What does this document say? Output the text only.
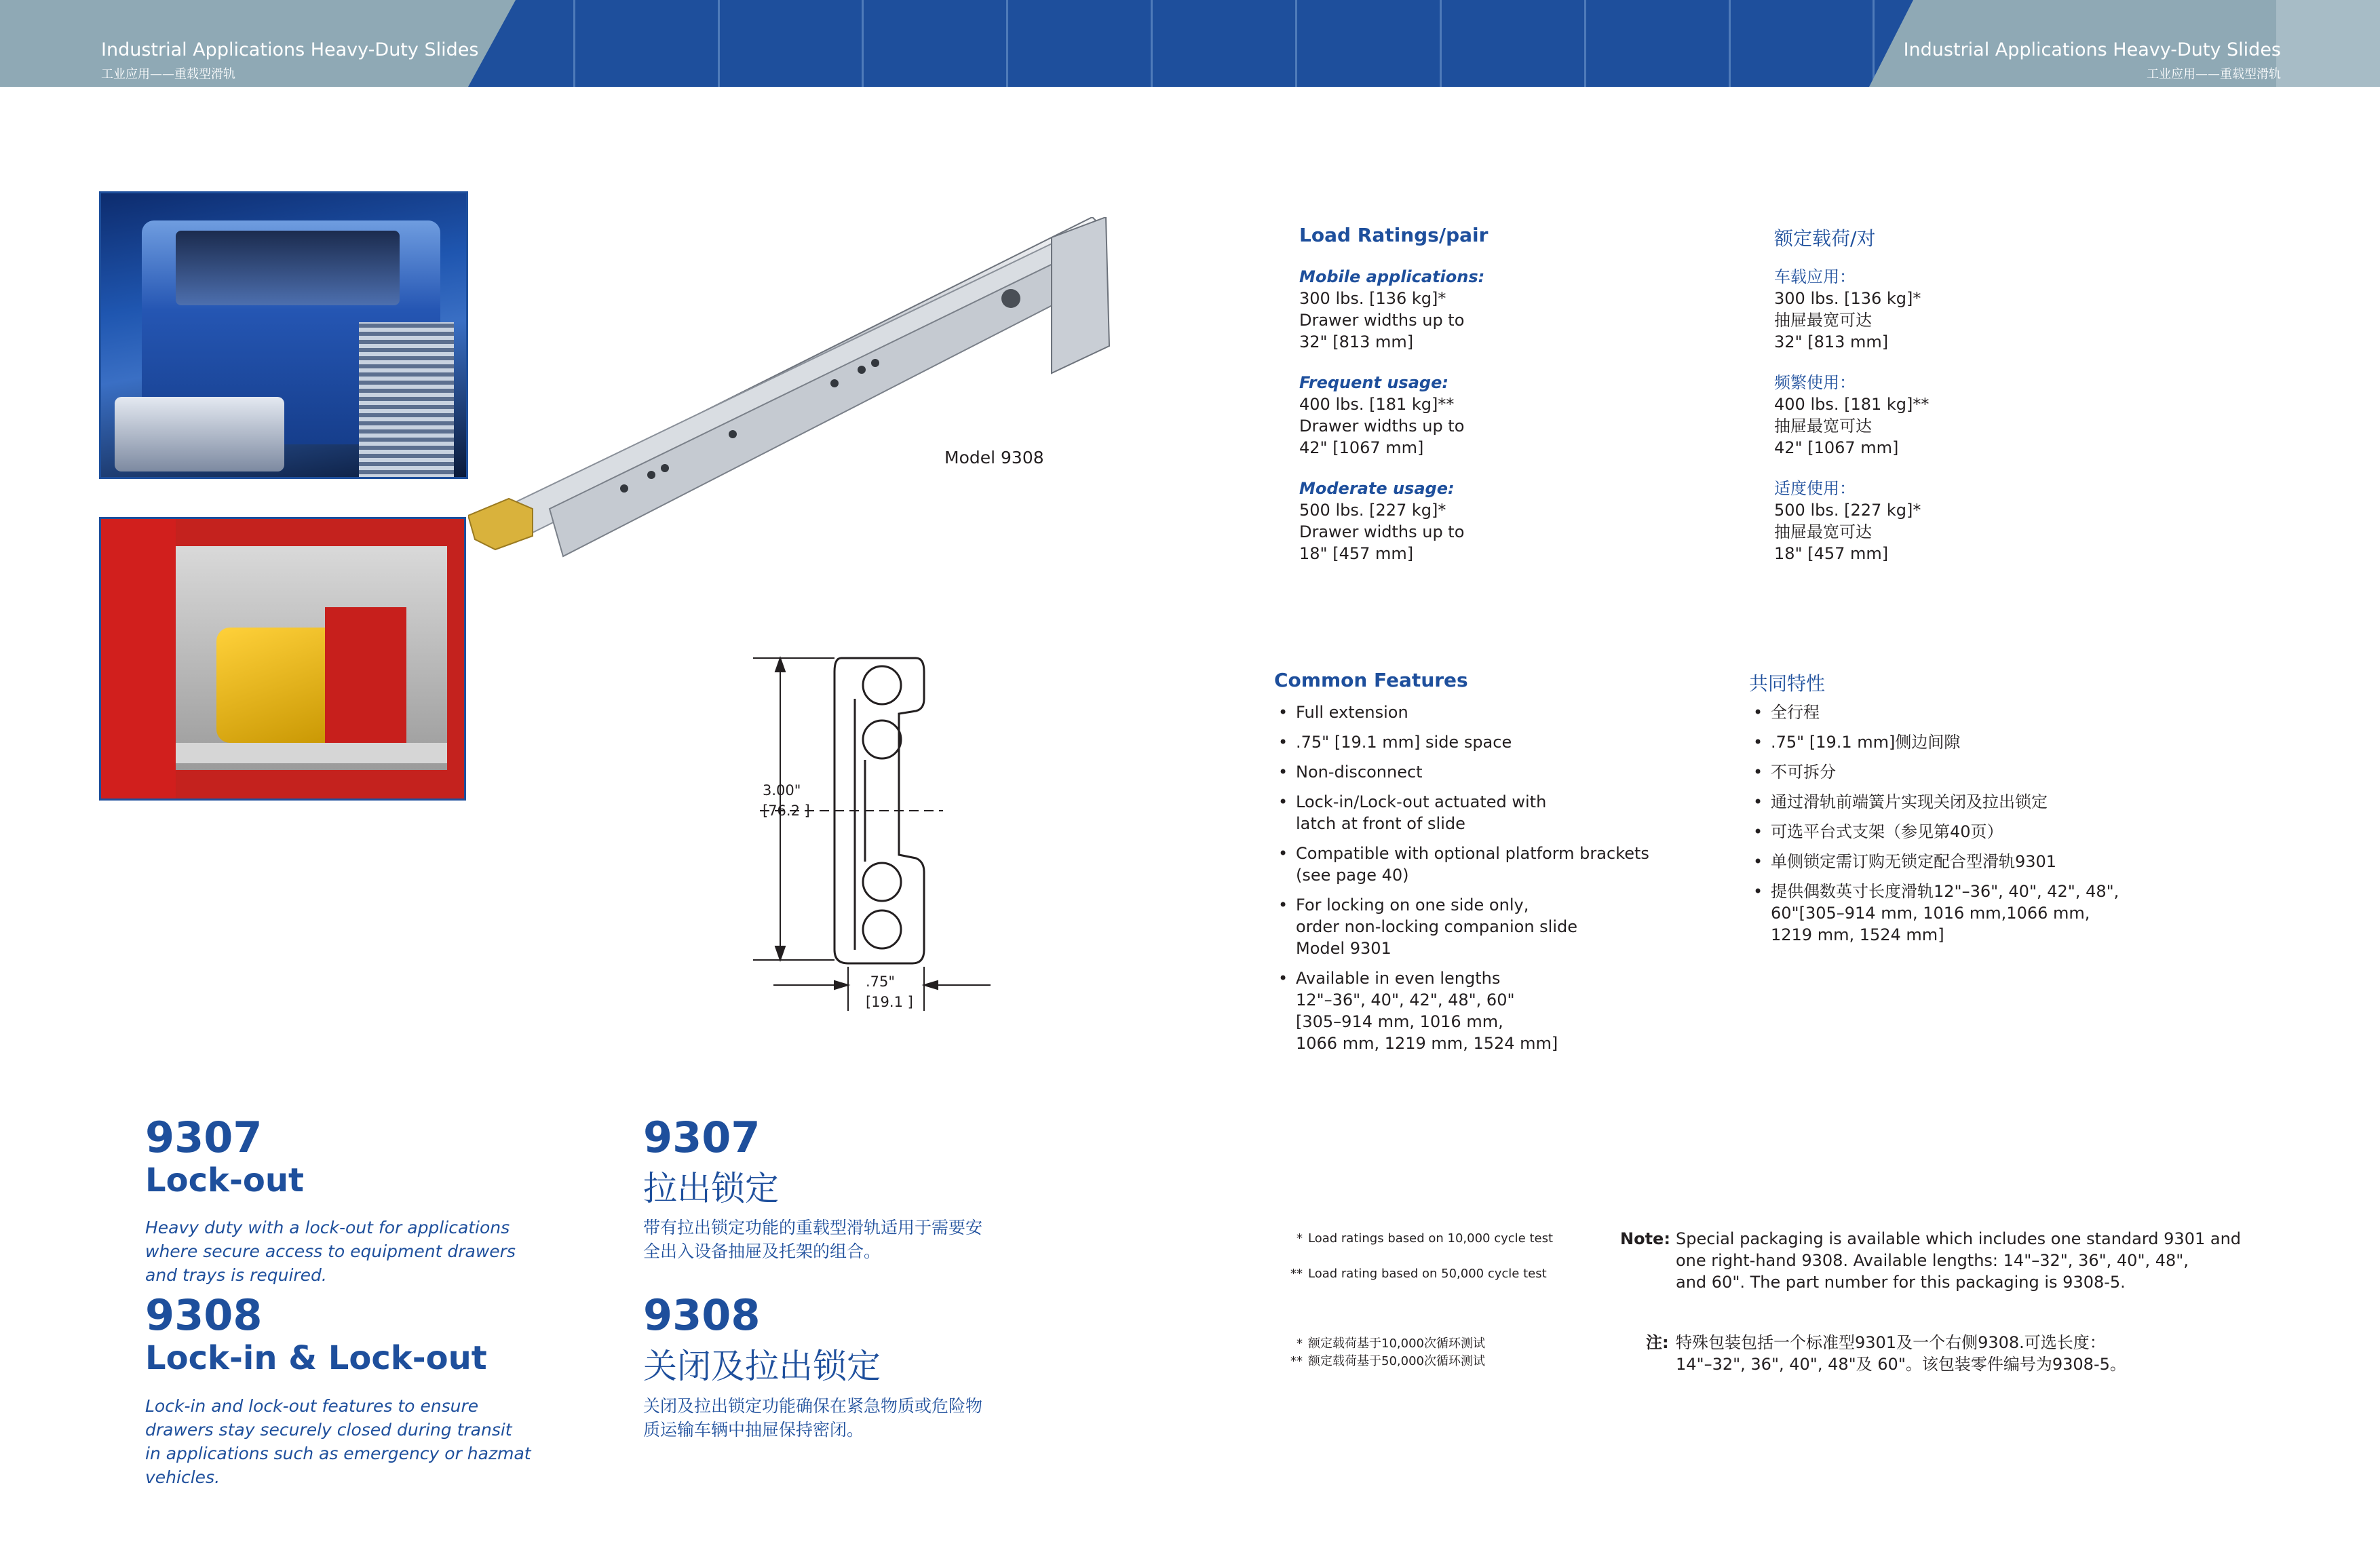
Industrial Applications Heavy-Duty Slides
工业应用——重载型滑轨
Industrial Applications Heavy-Duty Slides
工业应用——重载型滑轨
Model 9308
3.00"
[76.2 ]
.75"
[19.1 ]
Load Ratings/pair
Mobile applications:
300 lbs. [136 kg]*
Drawer widths up to
32" [813 mm]
Frequent usage:
400 lbs. [181 kg]**
Drawer widths up to
42" [1067 mm]
Moderate usage:
500 lbs. [227 kg]*
Drawer widths up to
18" [457 mm]
额定载荷/对
车载应用：
300 lbs. [136 kg]*
抽屉最宽可达
32" [813 mm]
频繁使用：
400 lbs. [181 kg]**
抽屉最宽可达
42" [1067 mm]
适度使用：
500 lbs. [227 kg]*
抽屉最宽可达
18" [457 mm]
Common Features
• Full extension
• .75" [19.1 mm] side space
• Non-disconnect
• Lock-in/Lock-out actuated with
latch at front of slide
• Compatible with optional platform brackets
(see page 40)
• For locking on one side only,
order non-locking companion slide
Model 9301
• Available in even lengths
12"–36", 40", 42", 48", 60"
[305–914 mm, 1016 mm,
1066 mm, 1219 mm, 1524 mm]
共同特性
• 全行程
• .75" [19.1 mm]侧边间隙
• 不可拆分
• 通过滑轨前端簧片实现关闭及拉出锁定
• 可选平台式支架（参见第40页）
• 单侧锁定需订购无锁定配合型滑轨9301
• 提供偶数英寸长度滑轨12"–36", 40", 42", 48",
60"[305–914 mm, 1016 mm,1066 mm,
1219 mm, 1524 mm]
9307
Lock-out
Heavy duty with a lock-out for applications
where secure access to equipment drawers
and trays is required.
9307
拉出锁定
带有拉出锁定功能的重载型滑轨适用于需要安
全出入设备抽屉及托架的组合。
9308
Lock-in & Lock-out
Lock-in and lock-out features to ensure
drawers stay securely closed during transit
in applications such as emergency or hazmat
vehicles.
9308
关闭及拉出锁定
关闭及拉出锁定功能确保在紧急物质或危险物
质运输车辆中抽屉保持密闭。
* Load ratings based on 10,000 cycle test
** Load rating based on 50,000 cycle test
* 额定载荷基于10,000次循环测试
** 额定载荷基于50,000次循环测试
Note: Special packaging is available which includes one standard 9301 and
one right-hand 9308. Available lengths: 14"–32", 36", 40", 48",
and 60". The part number for this packaging is 9308-5.
注: 特殊包装包括一个标准型9301及一个右侧9308.可选长度：
14"–32", 36", 40", 48"及 60"。该包装零件编号为9308-5。
